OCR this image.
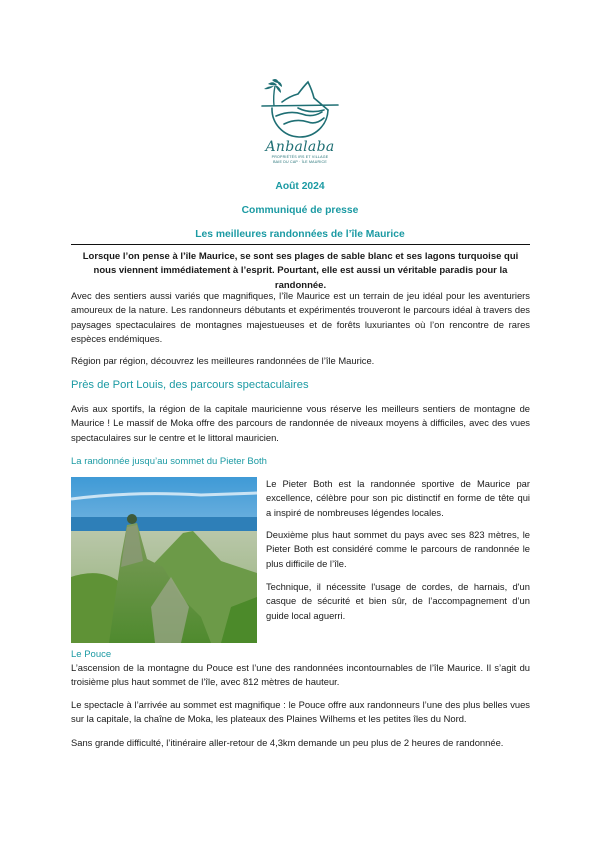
Anbalaba
PROPRIÉTÉS IRS ET VILLAGE
BAIE DU CAP · ÎLE MAURICE
Août 2024
Communiqué de presse
Les meilleures randonnées de l’île Maurice
Lorsque l’on pense à l’île Maurice, se sont ses plages de sable blanc et ses lagons turquoise qui nous viennent immédiatement à l’esprit. Pourtant, elle est aussi un véritable paradis pour la randonnée.
Avec des sentiers aussi variés que magnifiques, l’île Maurice est un terrain de jeu idéal pour les aventuriers amoureux de la nature. Les randonneurs débutants et expérimentés trouveront le parcours idéal à travers des paysages spectaculaires de montagnes majestueuses et de forêts luxuriantes où l’on rencontre de rares espèces endémiques.
Région par région, découvrez les meilleures randonnées de l’île Maurice.
Près de Port Louis, des parcours spectaculaires
Avis aux sportifs, la région de la capitale mauricienne vous réserve les meilleurs sentiers de montagne de Maurice ! Le massif de Moka offre des parcours de randonnée de niveaux moyens à difficiles, avec des vues spectaculaires sur le centre et le littoral mauricien.
La randonnée jusqu’au sommet du Pieter Both
Le Pieter Both est la randonnée sportive de Maurice par excellence, célèbre pour son pic distinctif en forme de tête qui a inspiré de nombreuses légendes locales.
Deuxième plus haut sommet du pays avec ses 823 mètres, le Pieter Both est considéré comme le parcours de randonnée le plus difficile de l’île.
Technique, il nécessite l'usage de cordes, de harnais, d'un casque de sécurité et bien sûr, de l’accompagnement d’un guide local aguerri.
Le Pouce
L’ascension de la montagne du Pouce est l’une des randonnées incontournables de l’île Maurice. Il s’agit du troisième plus haut sommet de l’île, avec 812 mètres de hauteur.
Le spectacle à l’arrivée au sommet est magnifique : le Pouce offre aux randonneurs l’une des plus belles vues sur la capitale, la chaîne de Moka, les plateaux des Plaines Wilhems et les petites îles du Nord.
Sans grande difficulté, l’itinéraire aller-retour de 4,3km demande un peu plus de 2 heures de randonnée.
